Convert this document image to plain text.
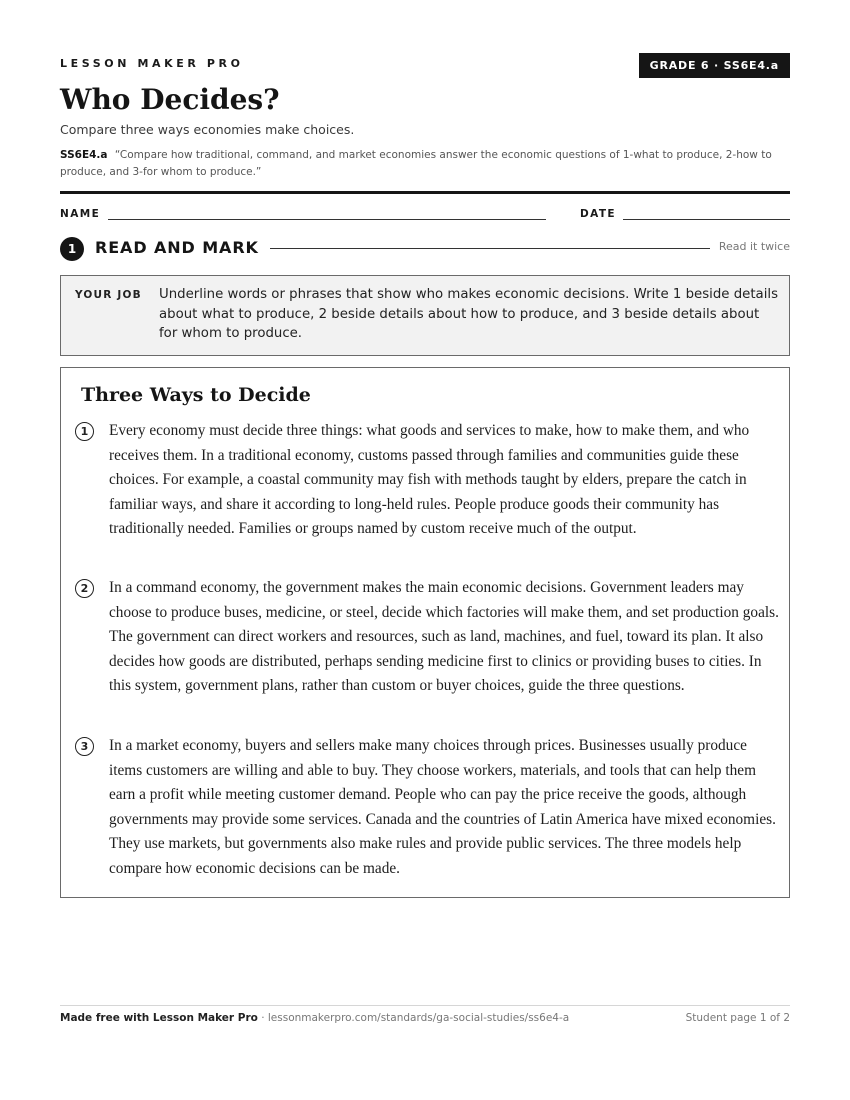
LESSON MAKER PRO	GRADE 6 · SS6E4.a
Who Decides?
Compare three ways economies make choices.
SS6E4.a “Compare how traditional, command, and market economies answer the economic questions of 1-what to produce, 2-how to produce, and 3-for whom to produce.”
NAME	DATE
1	READ AND MARK	Read it twice
YOUR JOB Underline words or phrases that show who makes economic decisions. Write 1 beside details about what to produce, 2 beside details about how to produce, and 3 beside details about for whom to produce.
Three Ways to Decide
1	Every economy must decide three things: what goods and services to make, how to make them, and who receives them. In a traditional economy, customs passed through families and communities guide these choices. For example, a coastal community may fish with methods taught by elders, prepare the catch in familiar ways, and share it according to long-held rules. People produce goods their community has traditionally needed. Families or groups named by custom receive much of the output.

2	In a command economy, the government makes the main economic decisions. Government leaders may choose to produce buses, medicine, or steel, decide which factories will make them, and set production goals. The government can direct workers and resources, such as land, machines, and fuel, toward its plan. It also decides how goods are distributed, perhaps sending medicine first to clinics or providing buses to cities. In this system, government plans, rather than custom or buyer choices, guide the three questions.

3	In a market economy, buyers and sellers make many choices through prices. Businesses usually produce items customers are willing and able to buy. They choose workers, materials, and tools that can help them earn a profit while meeting customer demand. People who can pay the price receive the goods, although governments may provide some services. Canada and the countries of Latin America have mixed economies. They use markets, but governments also make rules and provide public services. The three models help compare how economic decisions can be made.

Made free with Lesson Maker Pro · lessonmakerpro.com/standards/ga-social-studies/ss6e4-a	Student page 1 of 2
